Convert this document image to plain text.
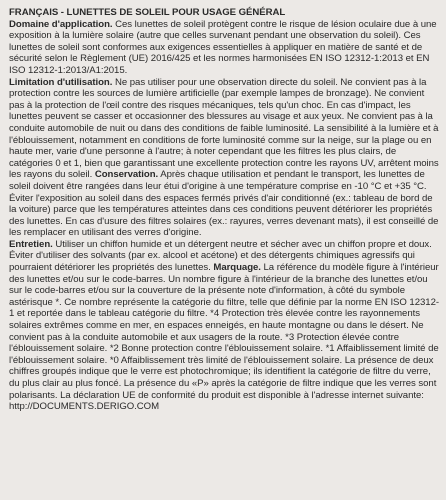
FRANÇAIS - LUNETTES DE SOLEIL POUR USAGE GÉNÉRAL

Domaine d'application. Ces lunettes de soleil protègent contre le risque de lésion oculaire due à une exposition à la lumière solaire (autre que celles survenant pendant une observation du soleil). Ces lunettes de soleil sont conformes aux exigences essentielles à appliquer en matière de santé et de sécurité selon le Règlement (UE) 2016/425 et les normes harmonisées EN ISO 12312-1:2013 et EN ISO 12312-1:2013/A1:2015.

Limitation d'utilisation. Ne pas utiliser pour une observation directe du soleil. Ne convient pas à la protection contre les sources de lumière artificielle (par exemple lampes de bronzage). Ne convient pas à la protection de l'œil contre des risques mécaniques, tels qu'un choc. En cas d'impact, les lunettes peuvent se casser et occasionner des blessures au visage et aux yeux. Ne convient pas à la conduite automobile de nuit ou dans des conditions de faible luminosité. La sensibilité à la lumière et à l'éblouissement, notamment en conditions de forte luminosité comme sur la neige, sur la plage ou en haute mer, varie d'une personne à l'autre; à noter cependant que les filtres les plus clairs, de catégories 0 et 1, bien que garantissant une excellente protection contre les rayons UV, arrêtent moins les rayons du soleil. Conservation. Après chaque utilisation et pendant le transport, les lunettes de soleil doivent être rangées dans leur étui d'origine à une température comprise en -10 °C et +35 °C. Éviter l'exposition au soleil dans des espaces fermés privés d'air conditionné (ex.: tableau de bord de la voiture) parce que les températures atteintes dans ces conditions peuvent détériorer les propriétés des lunettes. En cas d'usure des filtres solaires (ex.: rayures, verres devenant mats), il est conseillé de les remplacer en utilisant des verres d'origine.

Entretien. Utiliser un chiffon humide et un détergent neutre et sécher avec un chiffon propre et doux. Éviter d'utiliser des solvants (par ex. alcool et acétone) et des détergents chimiques agressifs qui pourraient détériorer les propriétés des lunettes. Marquage. La référence du modèle figure à l'intérieur des lunettes et/ou sur le code-barres. Un nombre figure à l'intérieur de la branche des lunettes et/ou sur le code-barres et/ou sur la couverture de la présente note d'information, à côté du symbole astérisque *. Ce nombre représente la catégorie du filtre, telle que définie par la norme EN ISO 12312-1 et reportée dans le tableau catégorie du filtre. *4 Protection très élevée contre les rayonnements solaires extrêmes comme en mer, en espaces enneigés, en haute montagne ou dans le désert. Ne convient pas à la conduite automobile et aux usagers de la route. *3 Protection élevée contre l'éblouissement solaire. *2 Bonne protection contre l'éblouissement solaire. *1 Affaiblissement limité de l'éblouissement solaire. *0 Affaiblissement très limité de l'éblouissement solaire. La présence de deux chiffres groupés indique que le verre est photochromique; ils identifient la catégorie de filtre du verre, du plus clair au plus foncé. La présence du «P» après la catégorie de filtre indique que les verres sont polarisants. La déclaration UE de conformité du produit est disponible à l'adresse internet suivante: http://DOCUMENTS.DERIGO.COM
